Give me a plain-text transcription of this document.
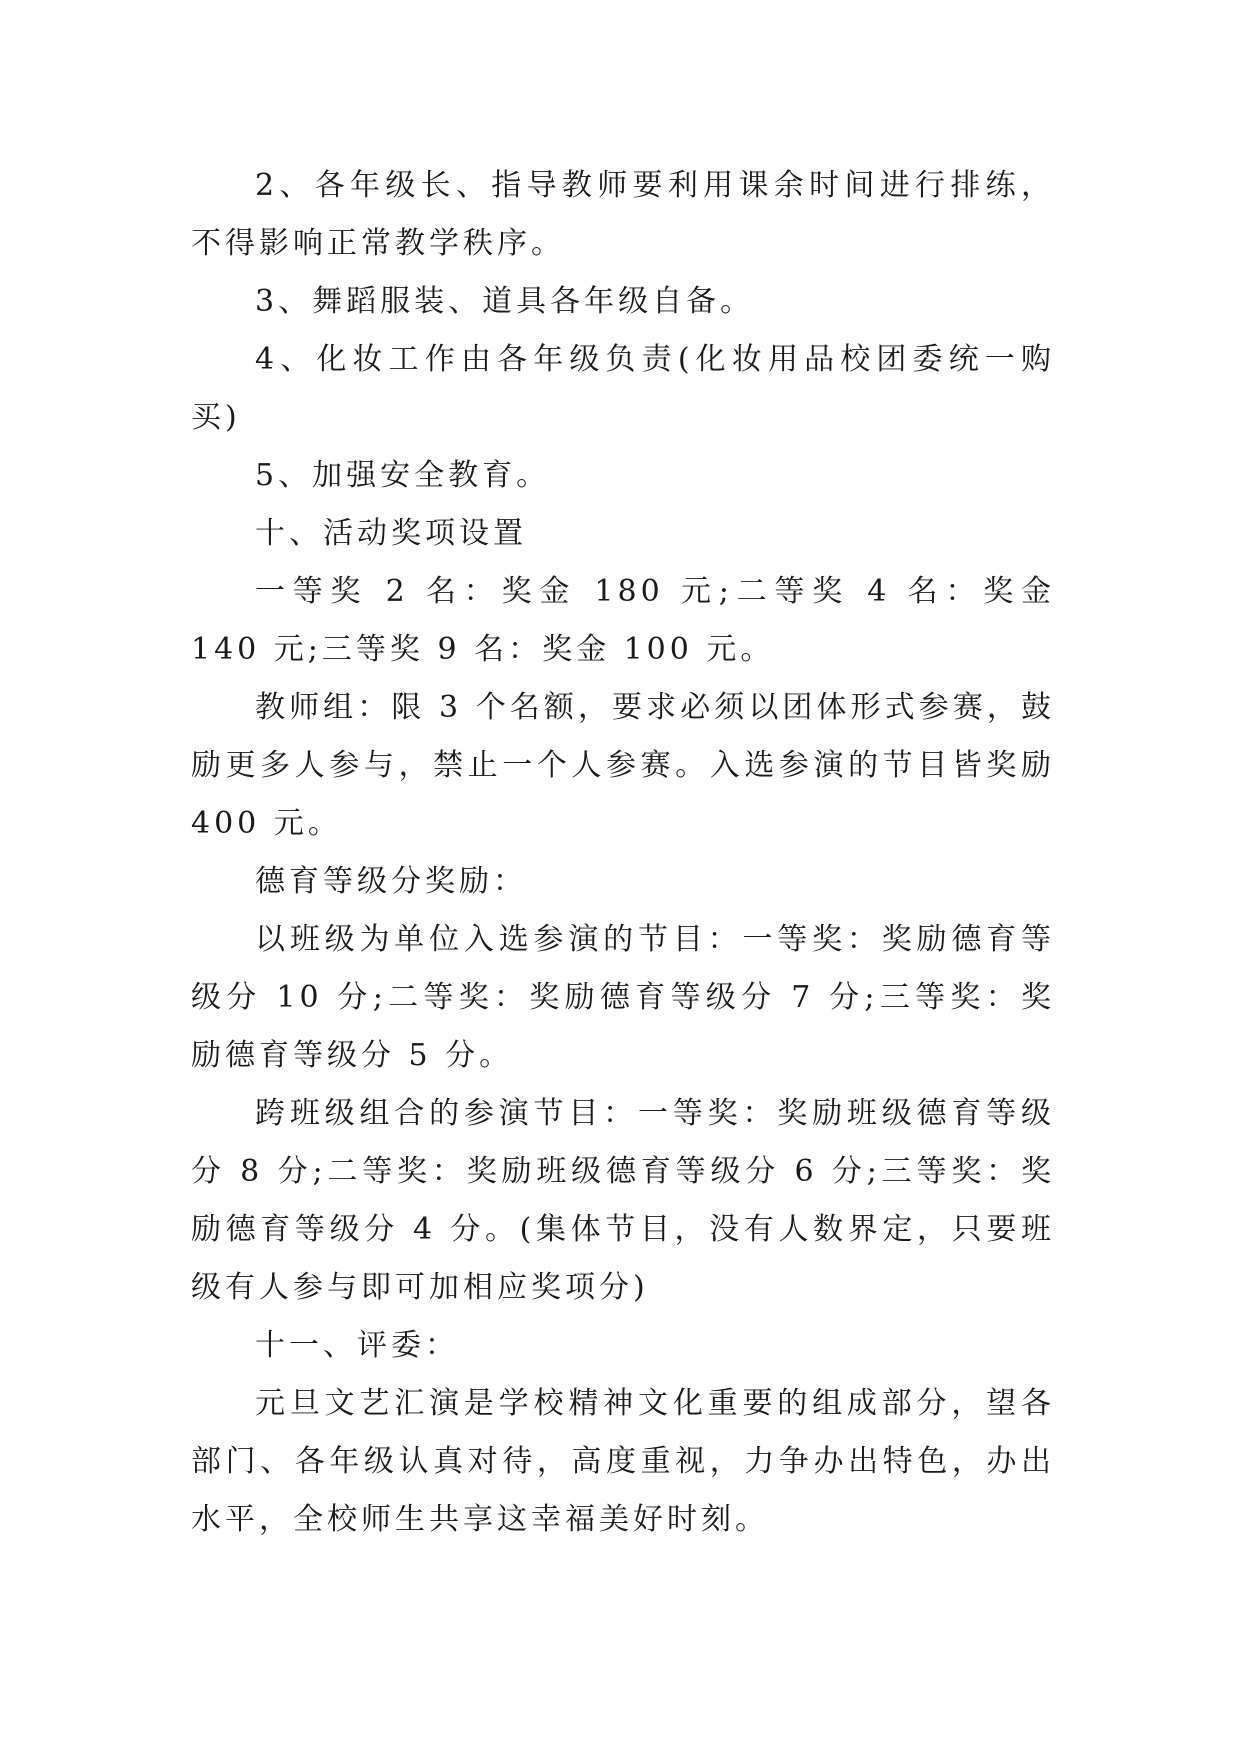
2、各年级长、指导教师要利用课余时间进行排练，不得影响正常教学秩序。

3、舞蹈服装、道具各年级自备。

4、化妆工作由各年级负责(化妆用品校团委统一购买)

5、加强安全教育。

十、活动奖项设置

一等奖 2 名：奖金 180 元;二等奖 4 名：奖金 140 元;三等奖 9 名：奖金 100 元。

教师组：限 3 个名额，要求必须以团体形式参赛，鼓励更多人参与，禁止一个人参赛。入选参演的节目皆奖励 400 元。

德育等级分奖励：

以班级为单位入选参演的节目：一等奖：奖励德育等级分 10 分;二等奖：奖励德育等级分 7 分;三等奖：奖励德育等级分 5 分。

跨班级组合的参演节目：一等奖：奖励班级德育等级分 8 分;二等奖：奖励班级德育等级分 6 分;三等奖：奖励德育等级分 4 分。(集体节目，没有人数界定，只要班级有人参与即可加相应奖项分)

十一、评委：

元旦文艺汇演是学校精神文化重要的组成部分，望各部门、各年级认真对待，高度重视，力争办出特色，办出水平，全校师生共享这幸福美好时刻。
